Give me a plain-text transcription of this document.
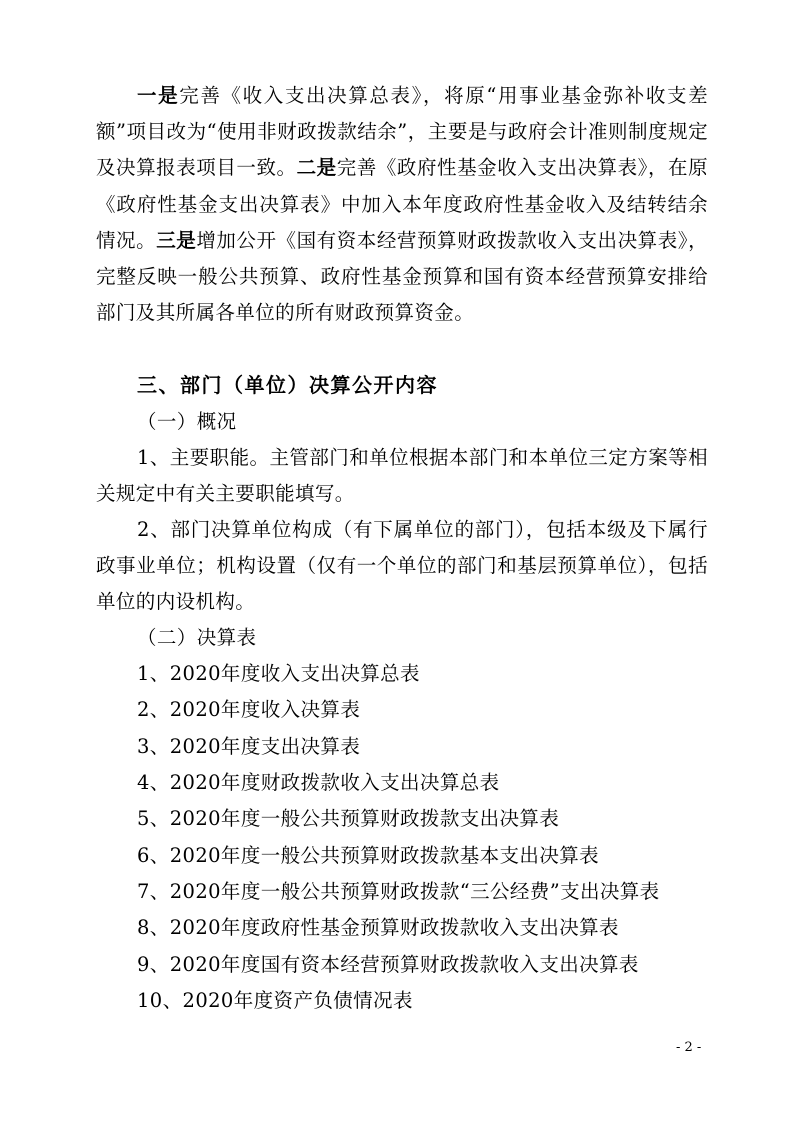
一是完善《收入支出决算总表》，将原“用事业基金弥补收支差额”项目改为“使用非财政拨款结余”，主要是与政府会计准则制度规定及决算报表项目一致。二是完善《政府性基金收入支出决算表》，在原《政府性基金支出决算表》中加入本年度政府性基金收入及结转结余情况。三是增加公开《国有资本经营预算财政拨款收入支出决算表》，完整反映一般公共预算、政府性基金预算和国有资本经营预算安排给部门及其所属各单位的所有财政预算资金。

三、部门（单位）决算公开内容

（一）概况

1、主要职能。主管部门和单位根据本部门和本单位三定方案等相关规定中有关主要职能填写。

2、部门决算单位构成（有下属单位的部门），包括本级及下属行政事业单位；机构设置（仅有一个单位的部门和基层预算单位），包括单位的内设机构。

（二）决算表

1、2020年度收入支出决算总表

2、2020年度收入决算表

3、2020年度支出决算表

4、2020年度财政拨款收入支出决算总表

5、2020年度一般公共预算财政拨款支出决算表

6、2020年度一般公共预算财政拨款基本支出决算表

7、2020年度一般公共预算财政拨款“三公经费”支出决算表

8、2020年度政府性基金预算财政拨款收入支出决算表

9、2020年度国有资本经营预算财政拨款收入支出决算表

10、2020年度资产负债情况表

- 2 -
